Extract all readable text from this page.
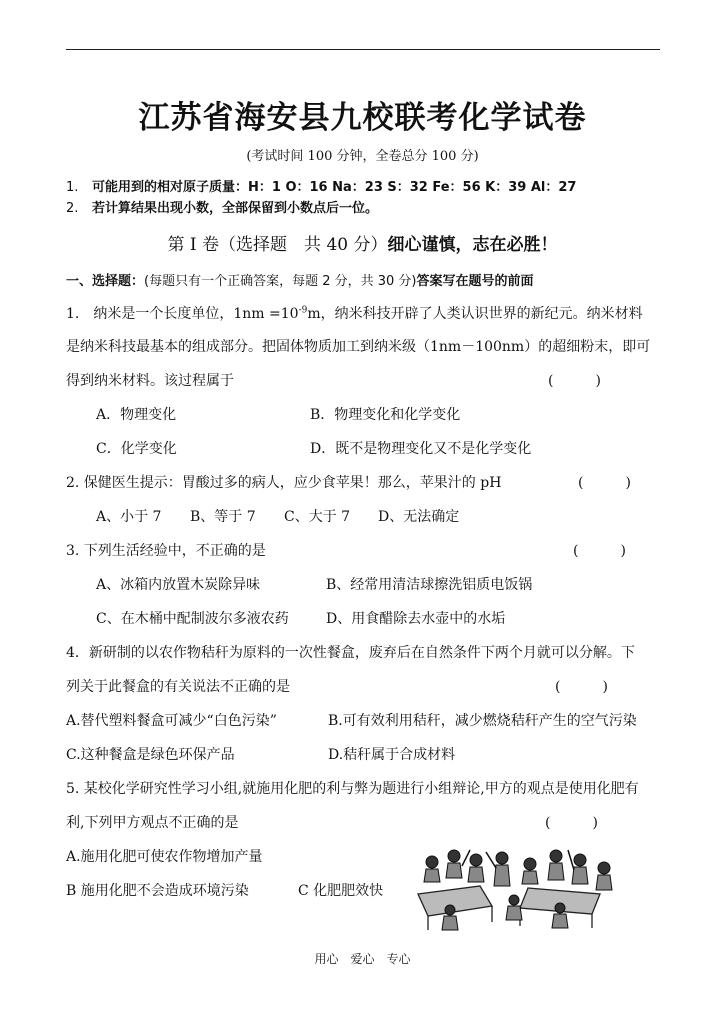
江苏省海安县九校联考化学试卷
(考试时间 100 分钟，全卷总分 100 分)
1. 可能用到的相对原子质量：H：1 O：16 Na：23 S：32 Fe：56 K：39 Al：27
2. 若计算结果出现小数，全部保留到小数点后一位。
第 I 卷（选择题　共 40 分）细心谨慎，志在必胜！
一、选择题：(每题只有一个正确答案，每题 2 分，共 30 分)答案写在题号的前面
1.　纳米是一个长度单位，$1nm =10^{-9}m$，纳米科技开辟了人类认识世界的新纪元。纳米材料
是纳米科技最基本的组成部分。把固体物质加工到纳米级（1nm－100nm）的超细粉末，即可
得到纳米材料。该过程属于	(　　　)
A．物理变化	B．物理变化和化学变化
C．化学变化	D．既不是物理变化又不是化学变化
2. 保健医生提示：胃酸过多的病人，应少食苹果！那么，苹果汁的 pH	(　　　)
A、小于 7 B、等于 7 C、大于 7 D、无法确定
3. 下列生活经验中，不正确的是	(　　　)
A、冰箱内放置木炭除异味	B、经常用清洁球擦洗铝质电饭锅
C、在木桶中配制波尔多液农药	D、用食醋除去水壶中的水垢
4．新研制的以农作物秸秆为原料的一次性餐盒，废弃后在自然条件下两个月就可以分解。下
列关于此餐盒的有关说法不正确的是	(　　　)
A.替代塑料餐盒可减少“白色污染”	B.可有效利用秸秆，减少燃烧秸秆产生的空气污染
C.这种餐盒是绿色环保产品	D.秸秆属于合成材料
5. 某校化学研究性学习小组,就施用化肥的利与弊为题进行小组辩论,甲方的观点是使用化肥有
利,下列甲方观点不正确的是	(　　　)
A.施用化肥可使农作物增加产量
B 施用化肥不会造成环境污染	C 化肥肥效快
用心　爱心　专心
